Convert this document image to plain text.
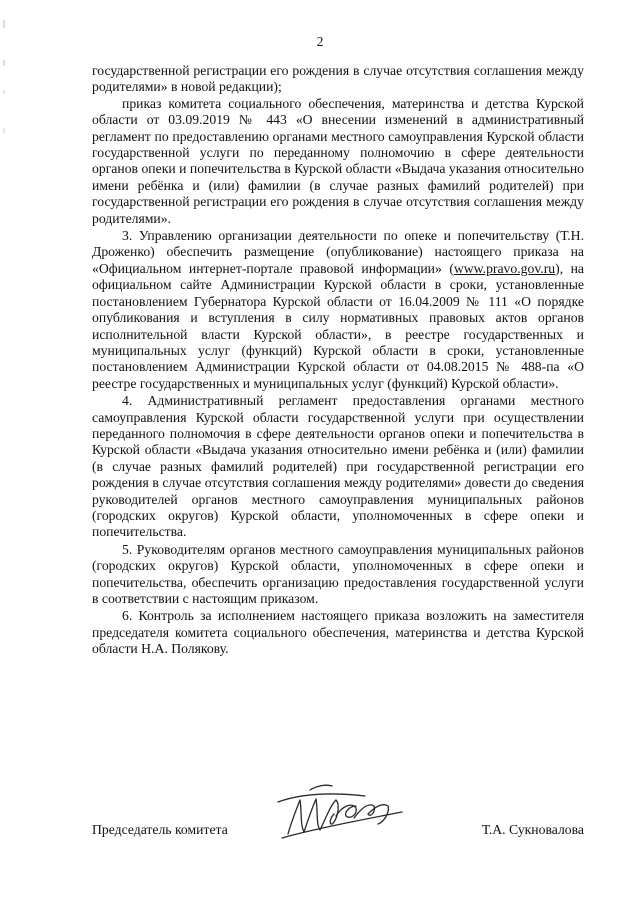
2

государственной регистрации его рождения в случае отсутствия соглашения между родителями» в новой редакции);

приказ комитета социального обеспечения, материнства и детства Курской области от 03.09.2019 № 443 «О внесении изменений в административный регламент по предоставлению органами местного самоуправления Курской области государственной услуги по переданному полномочию в сфере деятельности органов опеки и попечительства в Курской области «Выдача указания относительно имени ребёнка и (или) фамилии (в случае разных фамилий родителей) при государственной регистрации его рождения в случае отсутствия соглашения между родителями».

3. Управлению организации деятельности по опеке и попечительству (Т.Н. Дроженко) обеспечить размещение (опубликование) настоящего приказа на «Официальном интернет-портале правовой информации» (www.pravo.gov.ru), на официальном сайте Администрации Курской области в сроки, установленные постановлением Губернатора Курской области от 16.04.2009 № 111 «О порядке опубликования и вступления в силу нормативных правовых актов органов исполнительной власти Курской области», в реестре государственных и муниципальных услуг (функций) Курской области в сроки, установленные постановлением Администрации Курской области от 04.08.2015 № 488-па «О реестре государственных и муниципальных услуг (функций) Курской области».

4. Административный регламент предоставления органами местного самоуправления Курской области государственной услуги при осуществлении переданного полномочия в сфере деятельности органов опеки и попечительства в Курской области «Выдача указания относительно имени ребёнка и (или) фамилии (в случае разных фамилий родителей) при государственной регистрации его рождения в случае отсутствия соглашения между родителями» довести до сведения руководителей органов местного самоуправления муниципальных районов (городских округов) Курской области, уполномоченных в сфере опеки и попечительства.

5. Руководителям органов местного самоуправления муниципальных районов (городских округов) Курской области, уполномоченных в сфере опеки и попечительства, обеспечить организацию предоставления государственной услуги в соответствии с настоящим приказом.

6. Контроль за исполнением настоящего приказа возложить на заместителя председателя комитета социального обеспечения, материнства и детства Курской области Н.А. Полякову.

Председатель комитета	Т.А. Сукновалова
